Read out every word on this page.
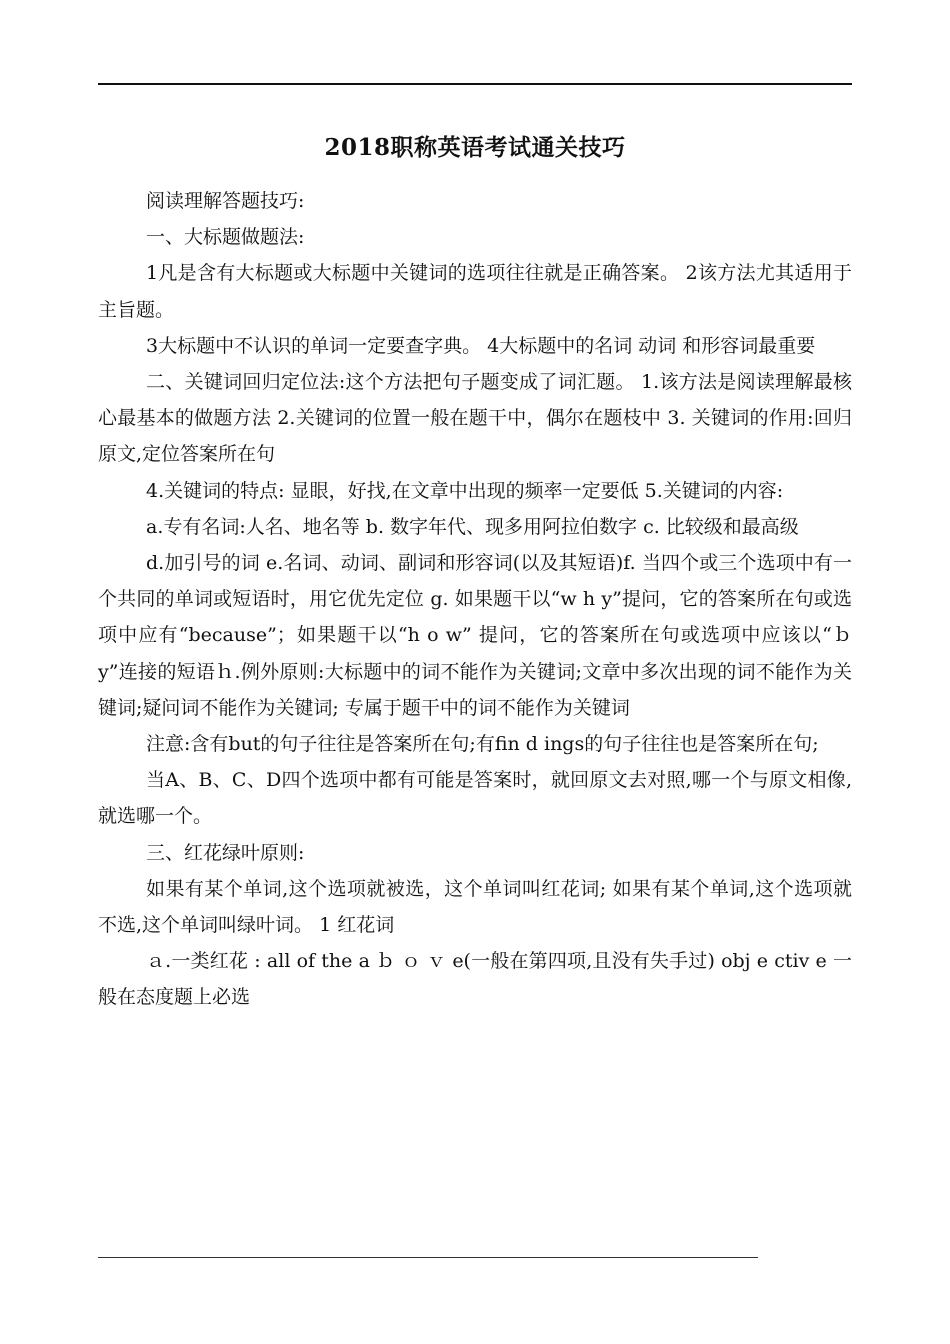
2018职称英语考试通关技巧

阅读理解答题技巧:

一、大标题做题法:

1凡是含有大标题或大标题中关键词的选项往往就是正确答案。 2该方法尤其适用于主旨题。

3大标题中不认识的单词一定要查字典。 4大标题中的名词 动词 和形容词最重要

二、关键词回归定位法:这个方法把句子题变成了词汇题。 1.该方法是阅读理解最核心最基本的做题方法 2.关键词的位置一般在题干中，偶尔在题枝中 3. 关键词的作用:回归原文,定位答案所在句

4.关键词的特点: 显眼，好找,在文章中出现的频率一定要低 5.关键词的内容:

a.专有名词:人名、地名等 b. 数字年代、现多用阿拉伯数字 c. 比较级和最高级

d.加引号的词 e.名词、动词、副词和形容词(以及其短语)f. 当四个或三个选项中有一个共同的单词或短语时，用它优先定位 g. 如果题干以“w h y”提问，它的答案所在句或选项中应有“because”；如果题干以“h o w” 提问，它的答案所在句或选项中应该以“ｂ y”连接的短语ｈ.例外原则:大标题中的词不能作为关键词;文章中多次出现的词不能作为关键词;疑问词不能作为关键词; 专属于题干中的词不能作为关键词

注意:含有but的句子往往是答案所在句;有fin d ings的句子往往也是答案所在句;

当A、B、C、D四个选项中都有可能是答案时，就回原文去对照,哪一个与原文相像,就选哪一个。

三、红花绿叶原则:

如果有某个单词,这个选项就被选，这个单词叫红花词; 如果有某个单词,这个选项就不选,这个单词叫绿叶词。 1 红花词

ａ.一类红花 : all of the a ｂ ｏ ｖ e(一般在第四项,且没有失手过) obj e ctiv e 一般在态度题上必选
